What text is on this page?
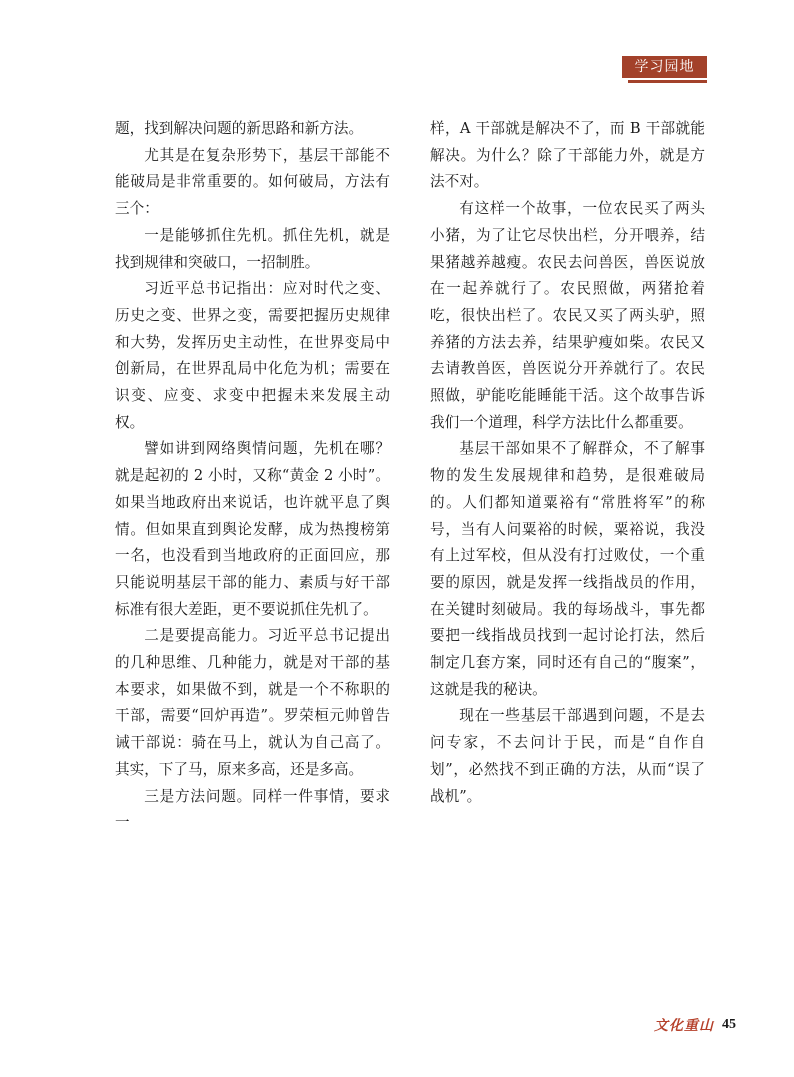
学习园地

题，找到解决问题的新思路和新方法。

尤其是在复杂形势下，基层干部能不能破局是非常重要的。如何破局，方法有三个：

一是能够抓住先机。抓住先机，就是找到规律和突破口，一招制胜。

习近平总书记指出：应对时代之变、历史之变、世界之变，需要把握历史规律和大势，发挥历史主动性，在世界变局中创新局，在世界乱局中化危为机；需要在识变、应变、求变中把握未来发展主动权。

譬如讲到网络舆情问题，先机在哪？就是起初的 2 小时，又称“黄金 2 小时”。如果当地政府出来说话，也许就平息了舆情。但如果直到舆论发酵，成为热搜榜第一名，也没看到当地政府的正面回应，那只能说明基层干部的能力、素质与好干部标准有很大差距，更不要说抓住先机了。

二是要提高能力。习近平总书记提出的几种思维、几种能力，就是对干部的基本要求，如果做不到，就是一个不称职的干部，需要“回炉再造”。罗荣桓元帅曾告诫干部说：骑在马上，就认为自己高了。其实，下了马，原来多高，还是多高。

三是方法问题。同样一件事情，要求一

样，A 干部就是解决不了，而 B 干部就能解决。为什么？除了干部能力外，就是方法不对。

有这样一个故事，一位农民买了两头小猪，为了让它尽快出栏，分开喂养，结果猪越养越瘦。农民去问兽医，兽医说放在一起养就行了。农民照做，两猪抢着吃，很快出栏了。农民又买了两头驴，照养猪的方法去养，结果驴瘦如柴。农民又去请教兽医，兽医说分开养就行了。农民照做，驴能吃能睡能干活。这个故事告诉我们一个道理，科学方法比什么都重要。

基层干部如果不了解群众，不了解事物的发生发展规律和趋势，是很难破局的。人们都知道粟裕有“常胜将军”的称号，当有人问粟裕的时候，粟裕说，我没有上过军校，但从没有打过败仗，一个重要的原因，就是发挥一线指战员的作用，在关键时刻破局。我的每场战斗，事先都要把一线指战员找到一起讨论打法，然后制定几套方案，同时还有自己的“腹案”，这就是我的秘诀。

现在一些基层干部遇到问题，不是去问专家，不去问计于民，而是“自作自划”，必然找不到正确的方法，从而“误了战机”。

文化重山 45
